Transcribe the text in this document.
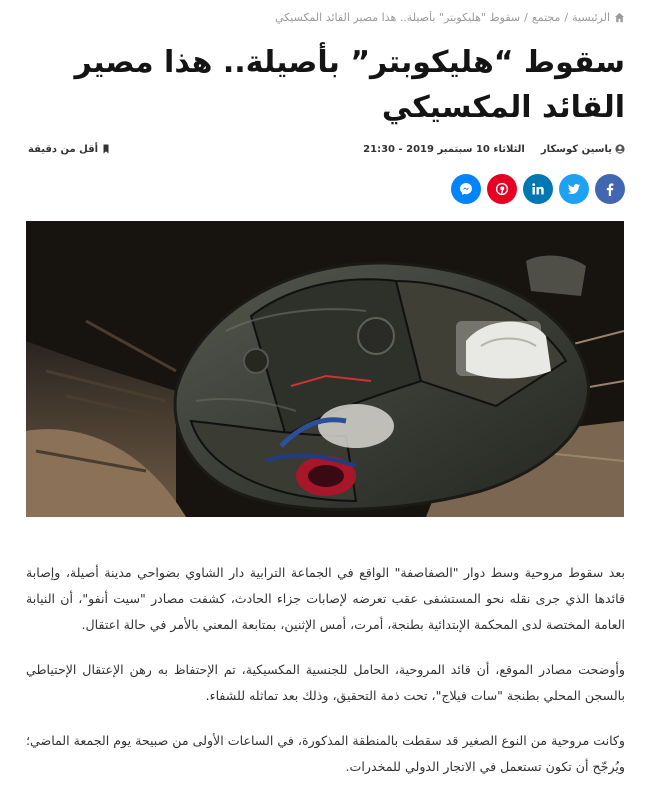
الرئيسية
/
مجتمع
/
سقوط "هليكوبتر" بأصيلة.. هذا مصير القائد المكسيكي
سقوط “هليكوبتر” بأصيلة.. هذا مصير القائد المكسيكي
ياسين كوسكار
الثلاثاء 10 سبتمبر 2019 - 21:30
أقل من دقيقة

بعد سقوط مروحية وسط دوار "الصفاصفة" الواقع في الجماعة الترابية دار الشاوي بضواحي مدينة أصيلة، وإصابة قائدها الذي جرى نقله نحو المستشفى عقب تعرضه لإصابات جزاء الحادث، كشفت مصادر "سيت أنفو"، أن النيابة العامة المختصة لدى المحكمة الإبتدائية بطنجة، أمرت، أمس الإثنين، بمتابعة المعني بالأمر في حالة اعتقال.

وأوضحت مصادر الموقع، أن قائد المروحية، الحامل للجنسية المكسيكية، تم الإحتفاظ به رهن الإعتقال الإحتياطي بالسجن المحلي بطنجة "سات فيلاج"، تحت ذمة التحقيق، وذلك بعد تماثله للشفاء.

وكانت مروحية من النوع الصغير قد سقطت بالمنطقة المذكورة، في الساعات الأولى من صبيحة يوم الجمعة الماضي؛ ويُرجّح أن تكون تستعمل في الاتجار الدولي للمخدرات.
